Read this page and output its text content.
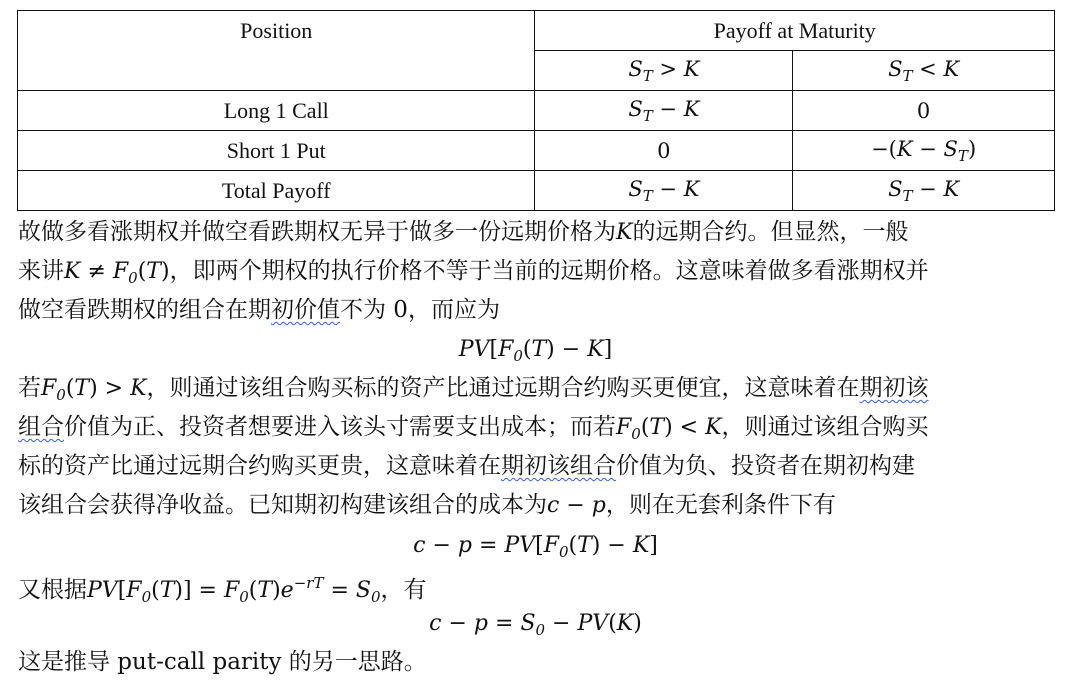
Position	Payoff at Maturity	
	$S_T > K$	$S_T < K$
Long 1 Call	$S_T - K$	0
Short 1 Put	0	$-(K - S_T)$
Total Payoff	$S_T - K$	$S_T - K$
故做多看涨期权并做空看跌期权无异于做多一份远期价格为K的远期合约。但显然，一般
来讲$K \ne F_0(T)$，即两个期权的执行价格不等于当前的远期价格。这意味着做多看涨期权并
做空看跌期权的组合在期初价值不为 0，而应为
$PV[F_0(T) - K]$
若$F_0(T) > K$，则通过该组合购买标的资产比通过远期合约购买更便宜，这意味着在期初该
组合价值为正、投资者想要进入该头寸需要支出成本；而若$F_0(T) < K$，则通过该组合购买
标的资产比通过远期合约购买更贵，这意味着在期初该组合价值为负、投资者在期初构建
该组合会获得净收益。已知期初构建该组合的成本为c − p，则在无套利条件下有
$c - p = PV[F_0(T) - K]$
又根据$PV[F_0(T)] = F_0(T)e^{-rT} = S_0$，有
$c - p = S_0 - PV(K)$
这是推导 put-call parity 的另一思路。
